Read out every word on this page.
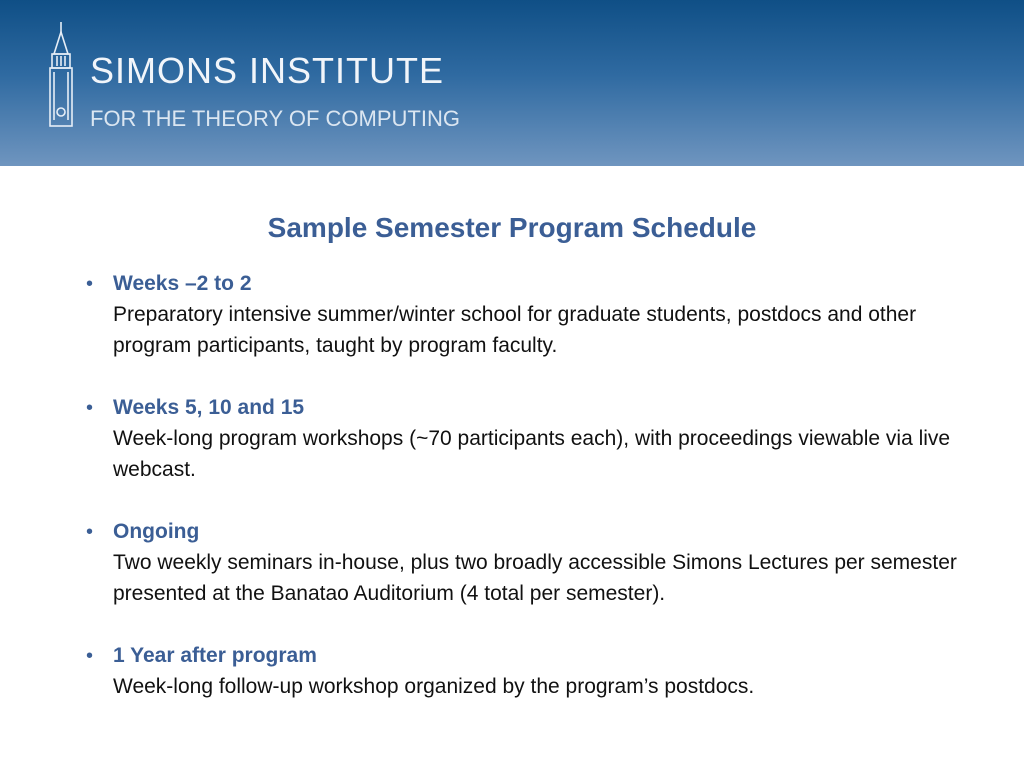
SIMONS INSTITUTE
FOR THE THEORY OF COMPUTING
Sample Semester Program Schedule
• Weeks –2 to 2
Preparatory intensive summer/winter school for graduate students, postdocs and other program participants, taught by program faculty.
• Weeks 5, 10 and 15
Week-long program workshops (~70 participants each), with proceedings viewable via live webcast.
• Ongoing
Two weekly seminars in-house, plus two broadly accessible Simons Lectures per semester presented at the Banatao Auditorium (4 total per semester).
• 1 Year after program
Week-long follow-up workshop organized by the program’s postdocs.
